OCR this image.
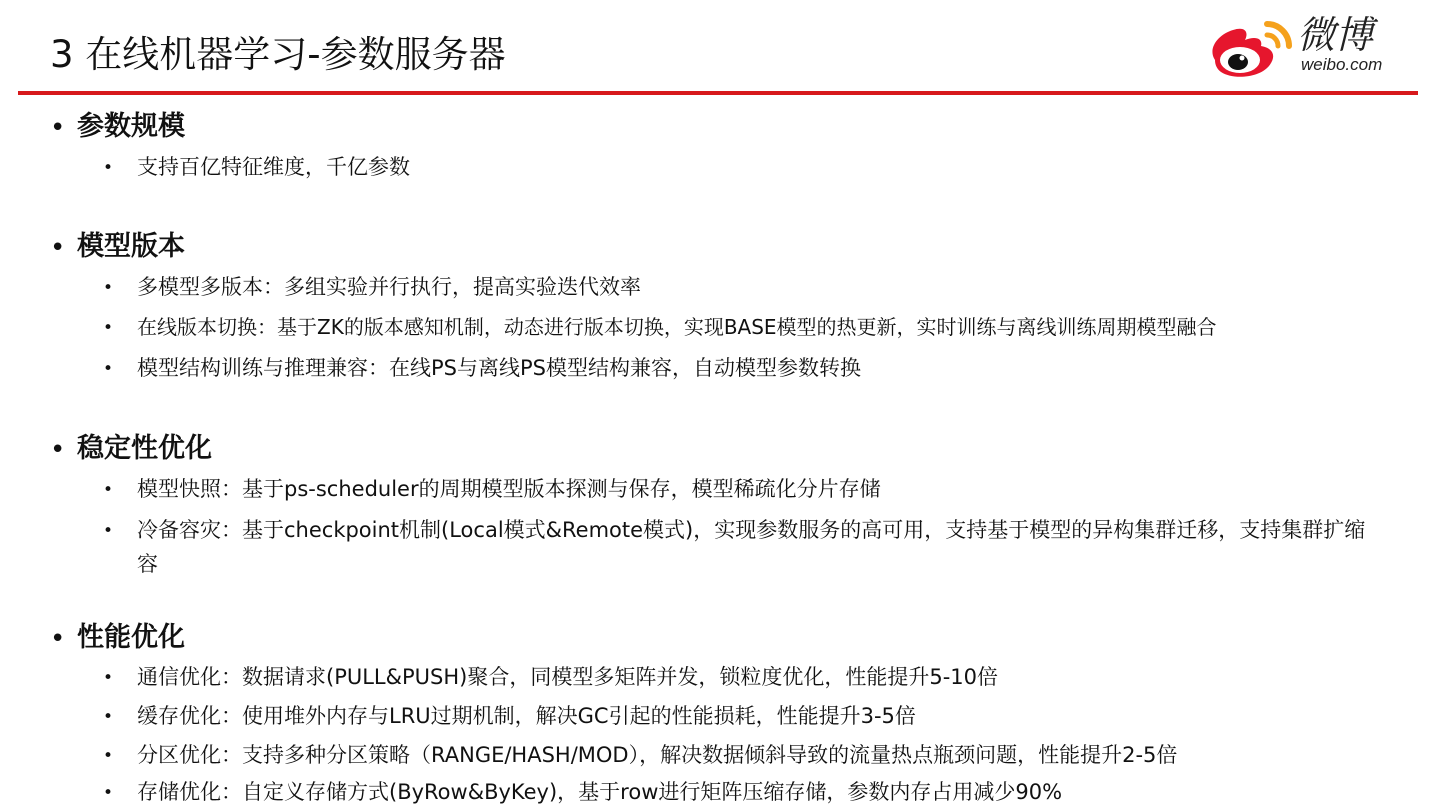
3 在线机器学习-参数服务器	微博
weibo.com
• 参数规模
• 支持百亿特征维度，千亿参数
• 模型版本
• 多模型多版本：多组实验并行执行，提高实验迭代效率
• 在线版本切换：基于ZK的版本感知机制，动态进行版本切换，实现BASE模型的热更新，实时训练与离线训练周期模型融合
• 模型结构训练与推理兼容：在线PS与离线PS模型结构兼容，自动模型参数转换
• 稳定性优化
• 模型快照：基于ps-scheduler的周期模型版本探测与保存，模型稀疏化分片存储
• 冷备容灾：基于checkpoint机制(Local模式&Remote模式)，实现参数服务的高可用，支持基于模型的异构集群迁移，支持集群扩缩容
• 性能优化
• 通信优化：数据请求(PULL&PUSH)聚合，同模型多矩阵并发，锁粒度优化，性能提升5-10倍
• 缓存优化：使用堆外内存与LRU过期机制，解决GC引起的性能损耗，性能提升3-5倍
• 分区优化：支持多种分区策略（RANGE/HASH/MOD），解决数据倾斜导致的流量热点瓶颈问题，性能提升2-5倍
• 存储优化：自定义存储方式(ByRow&ByKey)，基于row进行矩阵压缩存储，参数内存占用减少90%
